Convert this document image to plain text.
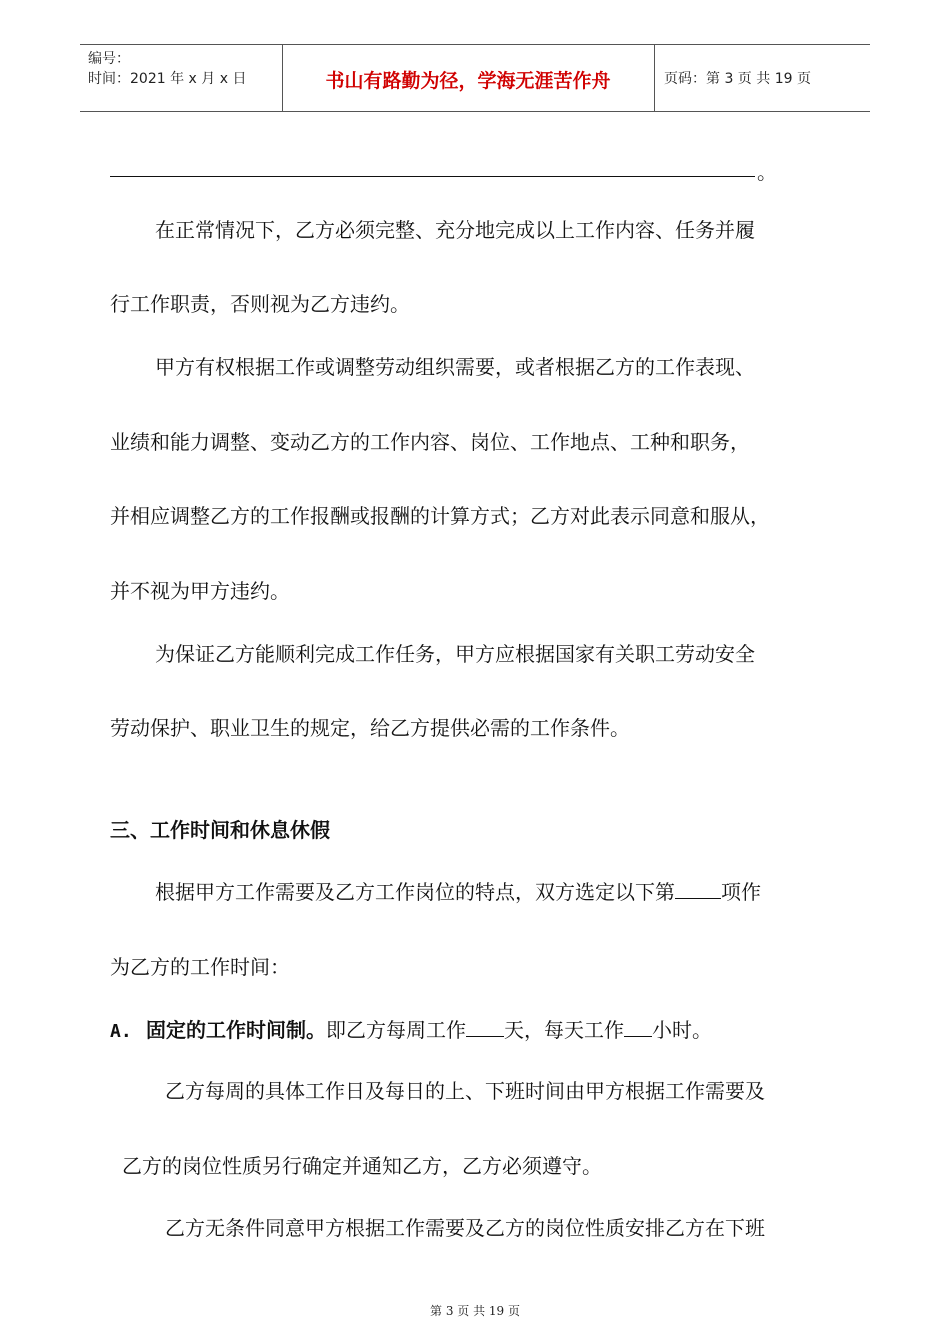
编号：
时间：2021 年 x 月 x 日	书山有路勤为径，学海无涯苦作舟	页码：第 3 页 共 19 页
。
在正常情况下，乙方必须完整、充分地完成以上工作内容、任务并履
行工作职责，否则视为乙方违约。
甲方有权根据工作或调整劳动组织需要，或者根据乙方的工作表现、
业绩和能力调整、变动乙方的工作内容、岗位、工作地点、工种和职务，
并相应调整乙方的工作报酬或报酬的计算方式；乙方对此表示同意和服从，
并不视为甲方违约。
为保证乙方能顺利完成工作任务，甲方应根据国家有关职工劳动安全
劳动保护、职业卫生的规定，给乙方提供必需的工作条件。
三、工作时间和休息休假
根据甲方工作需要及乙方工作岗位的特点，双方选定以下第 项作
为乙方的工作时间：
A. 固定的工作时间制。即乙方每周工作 天，每天工作 小时。
乙方每周的具体工作日及每日的上、下班时间由甲方根据工作需要及
乙方的岗位性质另行确定并通知乙方，乙方必须遵守。
乙方无条件同意甲方根据工作需要及乙方的岗位性质安排乙方在下班
第 3 页 共 19 页
